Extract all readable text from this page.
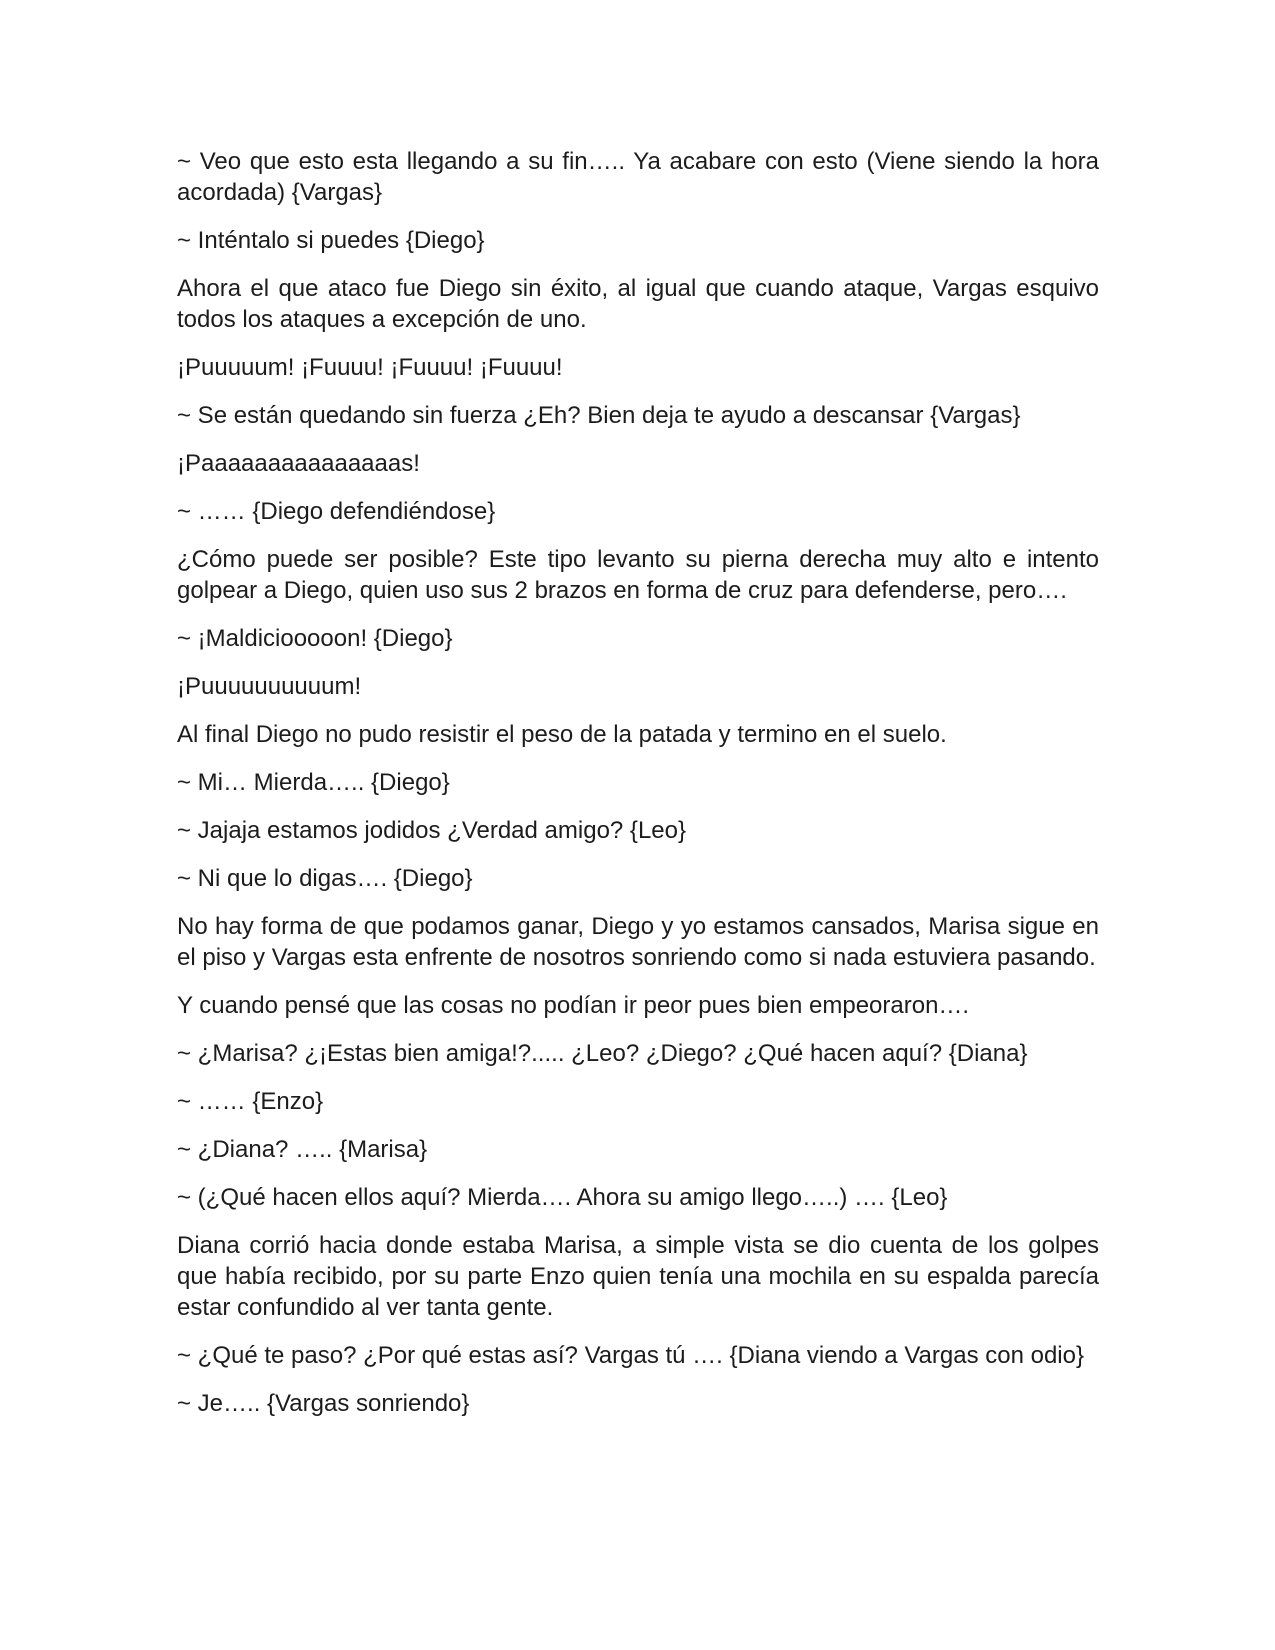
~ Veo que esto esta llegando a su fin….. Ya acabare con esto (Viene siendo la hora acordada) {Vargas}

~ Inténtalo si puedes {Diego}

Ahora el que ataco fue Diego sin éxito, al igual que cuando ataque, Vargas esquivo todos los ataques a excepción de uno.

¡Puuuuum! ¡Fuuuu! ¡Fuuuu! ¡Fuuuu!

~ Se están quedando sin fuerza ¿Eh? Bien deja te ayudo a descansar {Vargas}

¡Paaaaaaaaaaaaaaas!

~ …… {Diego defendiéndose}

¿Cómo puede ser posible? Este tipo levanto su pierna derecha muy alto e intento golpear a Diego, quien uso sus 2 brazos en forma de cruz para defenderse, pero….

~ ¡Maldiciooooon! {Diego}

¡Puuuuuuuuuum!

Al final Diego no pudo resistir el peso de la patada y termino en el suelo.

~ Mi… Mierda….. {Diego}

~ Jajaja estamos jodidos ¿Verdad amigo? {Leo}

~ Ni que lo digas…. {Diego}

No hay forma de que podamos ganar, Diego y yo estamos cansados, Marisa sigue en el piso y Vargas esta enfrente de nosotros sonriendo como si nada estuviera pasando.

Y cuando pensé que las cosas no podían ir peor pues bien empeoraron….

~ ¿Marisa? ¿¡Estas bien amiga!?..... ¿Leo? ¿Diego? ¿Qué hacen aquí? {Diana}

~ …… {Enzo}

~ ¿Diana? ….. {Marisa}

~ (¿Qué hacen ellos aquí? Mierda…. Ahora su amigo llego…..) …. {Leo}

Diana corrió hacia donde estaba Marisa, a simple vista se dio cuenta de los golpes que había recibido, por su parte Enzo quien tenía una mochila en su espalda parecía estar confundido al ver tanta gente.

~ ¿Qué te paso? ¿Por qué estas así? Vargas tú …. {Diana viendo a Vargas con odio}

~ Je….. {Vargas sonriendo}
